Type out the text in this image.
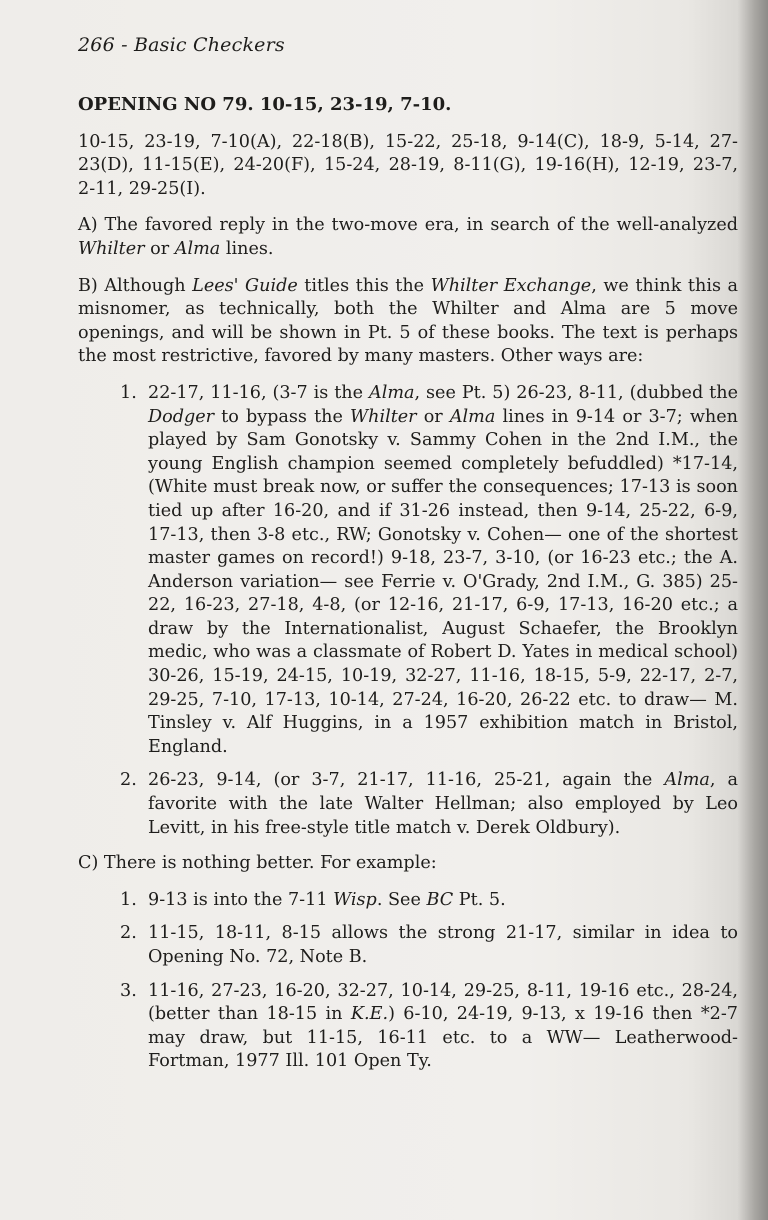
266 - Basic Checkers
OPENING NO 79. 10-15, 23-19, 7-10.

10-15, 23-19, 7-10(A), 22-18(B), 15-22, 25-18, 9-14(C), 18-9, 5-14, 27-23(D), 11-15(E), 24-20(F), 15-24, 28-19, 8-11(G), 19-16(H), 12-19, 23-7, 2-11, 29-25(I).

A) The favored reply in the two-move era, in search of the well-analyzed Whilter or Alma lines.

B) Although Lees' Guide titles this the Whilter Exchange, we think this a misnomer, as technically, both the Whilter and Alma are 5 move openings, and will be shown in Pt. 5 of these books. The text is perhaps the most restrictive, favored by many masters. Other ways are:

1. 22-17, 11-16, (3-7 is the Alma, see Pt. 5) 26-23, 8-11, (dubbed the Dodger to bypass the Whilter or Alma lines in 9-14 or 3-7; when played by Sam Gonotsky v. Sammy Cohen in the 2nd I.M., the young English champion seemed completely befuddled) *17-14, (White must break now, or suffer the consequences; 17-13 is soon tied up after 16-20, and if 31-26 instead, then 9-14, 25-22, 6-9, 17-13, then 3-8 etc., RW; Gonotsky v. Cohen— one of the shortest master games on record!) 9-18, 23-7, 3-10, (or 16-23 etc.; the A. Anderson variation— see Ferrie v. O'Grady, 2nd I.M., G. 385) 25-22, 16-23, 27-18, 4-8, (or 12-16, 21-17, 6-9, 17-13, 16-20 etc.; a draw by the Internationalist, August Schaefer, the Brooklyn medic, who was a classmate of Robert D. Yates in medical school) 30-26, 15-19, 24-15, 10-19, 32-27, 11-16, 18-15, 5-9, 22-17, 2-7, 29-25, 7-10, 17-13, 10-14, 27-24, 16-20, 26-22 etc. to draw— M. Tinsley v. Alf Huggins, in a 1957 exhibition match in Bristol, England.
2. 26-23, 9-14, (or 3-7, 21-17, 11-16, 25-21, again the Alma, a favorite with the late Walter Hellman; also employed by Leo Levitt, in his free-style title match v. Derek Oldbury).

C) There is nothing better. For example:

1. 9-13 is into the 7-11 Wisp. See BC Pt. 5.
2. 11-15, 18-11, 8-15 allows the strong 21-17, similar in idea to Opening No. 72, Note B.
3. 11-16, 27-23, 16-20, 32-27, 10-14, 29-25, 8-11, 19-16 etc., 28-24, (better than 18-15 in K.E.) 6-10, 24-19, 9-13, x 19-16 then *2-7 may draw, but 11-15, 16-11 etc. to a WW— Leatherwood-Fortman, 1977 Ill. 101 Open Ty.
